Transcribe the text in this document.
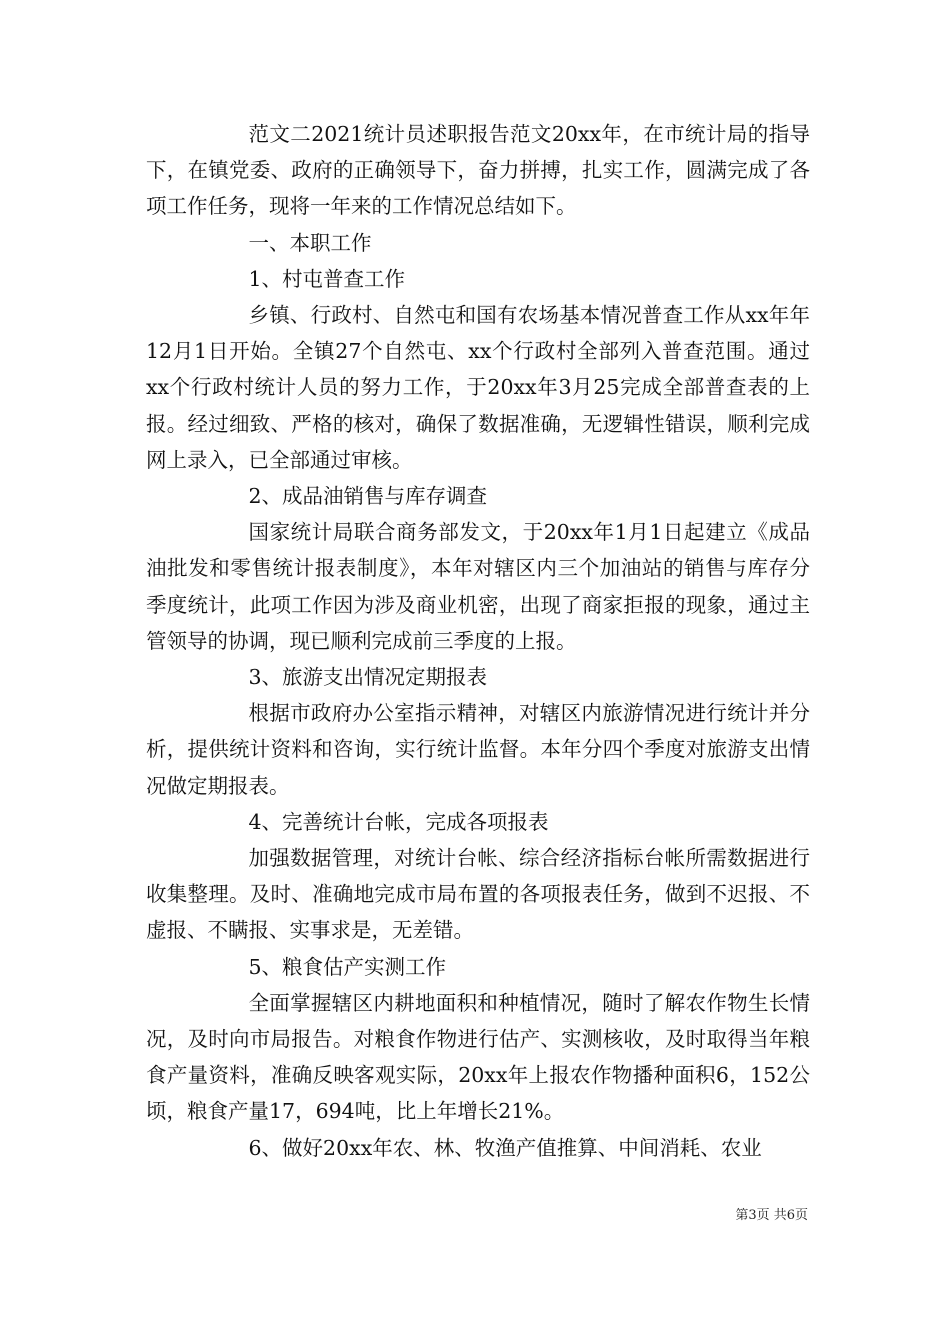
范文二2021统计员述职报告范文20xx年，在市统计局的指导下，在镇党委、政府的正确领导下，奋力拼搏，扎实工作，圆满完成了各项工作任务，现将一年来的工作情况总结如下。

一、本职工作
1、村屯普查工作

乡镇、行政村、自然屯和国有农场基本情况普查工作从xx年年12月1日开始。全镇27个自然屯、xx个行政村全部列入普查范围。通过xx个行政村统计人员的努力工作，于20xx年3月25完成全部普查表的上报。经过细致、严格的核对，确保了数据准确，无逻辑性错误，顺利完成网上录入，已全部通过审核。

2、成品油销售与库存调查

国家统计局联合商务部发文，于20xx年1月1日起建立《成品油批发和零售统计报表制度》，本年对辖区内三个加油站的销售与库存分季度统计，此项工作因为涉及商业机密，出现了商家拒报的现象，通过主管领导的协调，现已顺利完成前三季度的上报。

3、旅游支出情况定期报表

根据市政府办公室指示精神，对辖区内旅游情况进行统计并分析，提供统计资料和咨询，实行统计监督。本年分四个季度对旅游支出情况做定期报表。

4、完善统计台帐，完成各项报表

加强数据管理，对统计台帐、综合经济指标台帐所需数据进行收集整理。及时、准确地完成市局布置的各项报表任务，做到不迟报、不虚报、不瞒报、实事求是，无差错。

5、粮食估产实测工作

全面掌握辖区内耕地面积和种植情况，随时了解农作物生长情况，及时向市局报告。对粮食作物进行估产、实测核收，及时取得当年粮食产量资料，准确反映客观实际，20xx年上报农作物播种面积6，152公顷，粮食产量17，694吨，比上年增长21%。

6、做好20xx年农、林、牧渔产值推算、中间消耗、农业
第3页 共6页
